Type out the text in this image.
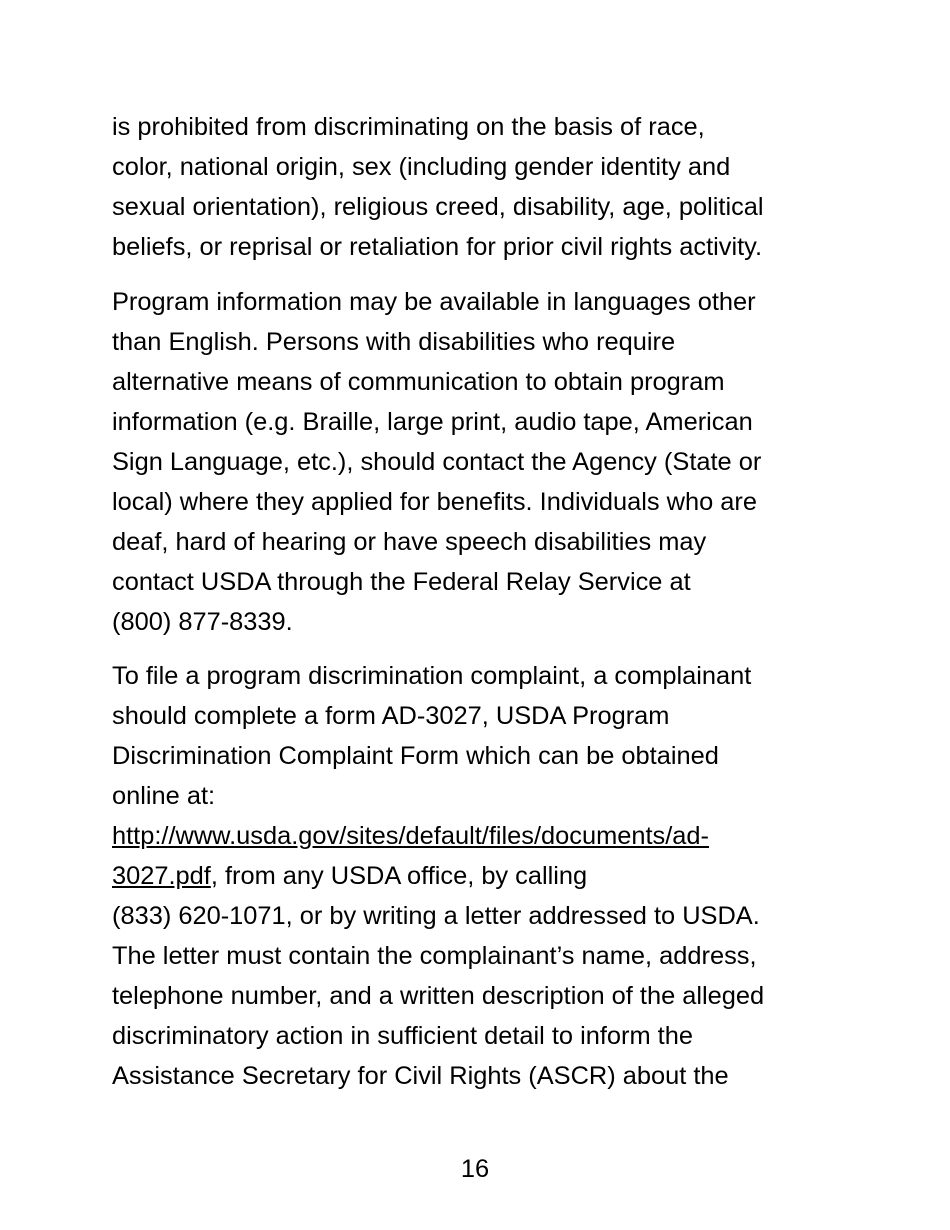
is prohibited from discriminating on the basis of race,
color, national origin, sex (including gender identity and
sexual orientation), religious creed, disability, age, political
beliefs, or reprisal or retaliation for prior civil rights activity.

Program information may be available in languages other
than English. Persons with disabilities who require
alternative means of communication to obtain program
information (e.g. Braille, large print, audio tape, American
Sign Language, etc.), should contact the Agency (State or
local) where they applied for benefits. Individuals who are
deaf, hard of hearing or have speech disabilities may
contact USDA through the Federal Relay Service at
(800) 877-8339.

To file a program discrimination complaint, a complainant
should complete a form AD-3027, USDA Program
Discrimination Complaint Form which can be obtained
online at:
http://www.usda.gov/sites/default/files/documents/ad-
3027.pdf, from any USDA office, by calling
(833) 620-1071, or by writing a letter addressed to USDA.
The letter must contain the complainant’s name, address,
telephone number, and a written description of the alleged
discriminatory action in sufficient detail to inform the
Assistance Secretary for Civil Rights (ASCR) about the

16
